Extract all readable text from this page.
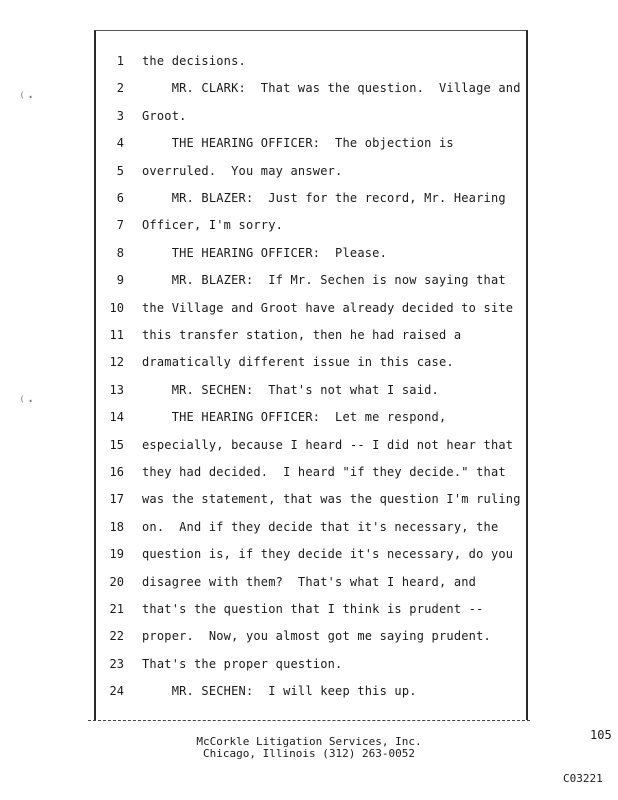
1 the decisions.
2 MR. CLARK:  That was the question.  Village and
3 Groot.
4 THE HEARING OFFICER:  The objection is
5 overruled.  You may answer.
6 MR. BLAZER:  Just for the record, Mr. Hearing
7 Officer, I'm sorry.
8 THE HEARING OFFICER:  Please.
9 MR. BLAZER:  If Mr. Sechen is now saying that
10 the Village and Groot have already decided to site
11 this transfer station, then he had raised a
12 dramatically different issue in this case.
13 MR. SECHEN:  That's not what I said.
14 THE HEARING OFFICER:  Let me respond,
15 especially, because I heard -- I did not hear that
16 they had decided.  I heard "if they decide." that
17 was the statement, that was the question I'm ruling
18 on.  And if they decide that it's necessary, the
19 question is, if they decide it's necessary, do you
20 disagree with them?  That's what I heard, and
21 that's the question that I think is prudent --
22 proper.  Now, you almost got me saying prudent.
23 That's the proper question.
24 MR. SECHEN:  I will keep this up.
105
McCorkle Litigation Services, Inc.
Chicago, Illinois (312) 263-0052
C03221
⁽·
⁽·
